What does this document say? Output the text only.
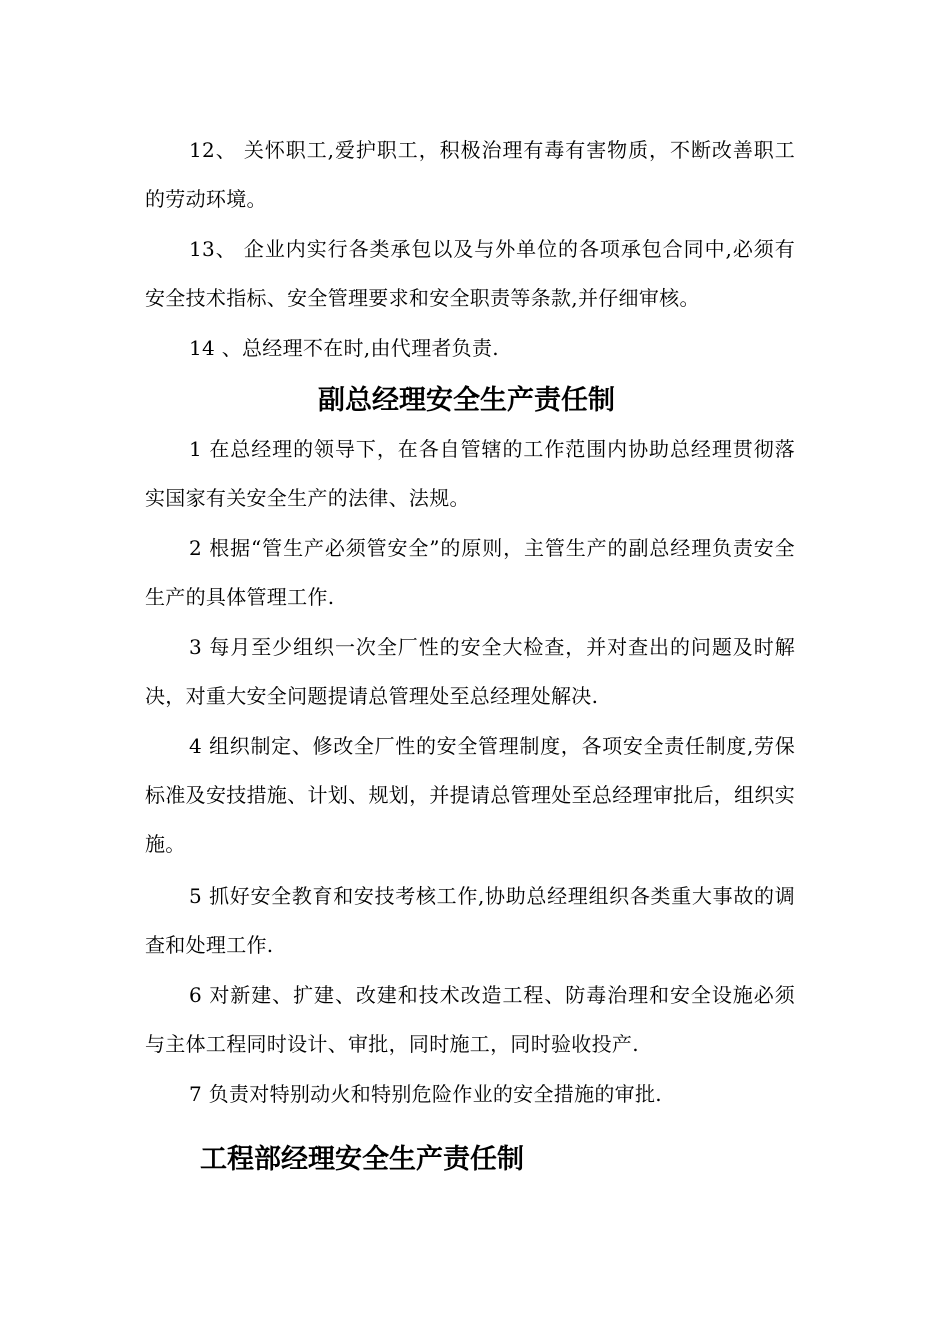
12、 关怀职工,爱护职工，积极治理有毒有害物质，不断改善职工的劳动环境。

13、 企业内实行各类承包以及与外单位的各项承包合同中,必须有安全技术指标、安全管理要求和安全职责等条款,并仔细审核。

14 、总经理不在时,由代理者负责.

副总经理安全生产责任制

1 在总经理的领导下，在各自管辖的工作范围内协助总经理贯彻落实国家有关安全生产的法律、法规。

2 根据“管生产必须管安全”的原则，主管生产的副总经理负责安全生产的具体管理工作.

3 每月至少组织一次全厂性的安全大检查，并对查出的问题及时解决，对重大安全问题提请总管理处至总经理处解决.

4 组织制定、修改全厂性的安全管理制度，各项安全责任制度,劳保标准及安技措施、计划、规划，并提请总管理处至总经理审批后，组织实施。

5 抓好安全教育和安技考核工作,协助总经理组织各类重大事故的调查和处理工作.

6 对新建、扩建、改建和技术改造工程、防毒治理和安全设施必须与主体工程同时设计、审批，同时施工，同时验收投产.

7 负责对特别动火和特别危险作业的安全措施的审批.

工程部经理安全生产责任制
